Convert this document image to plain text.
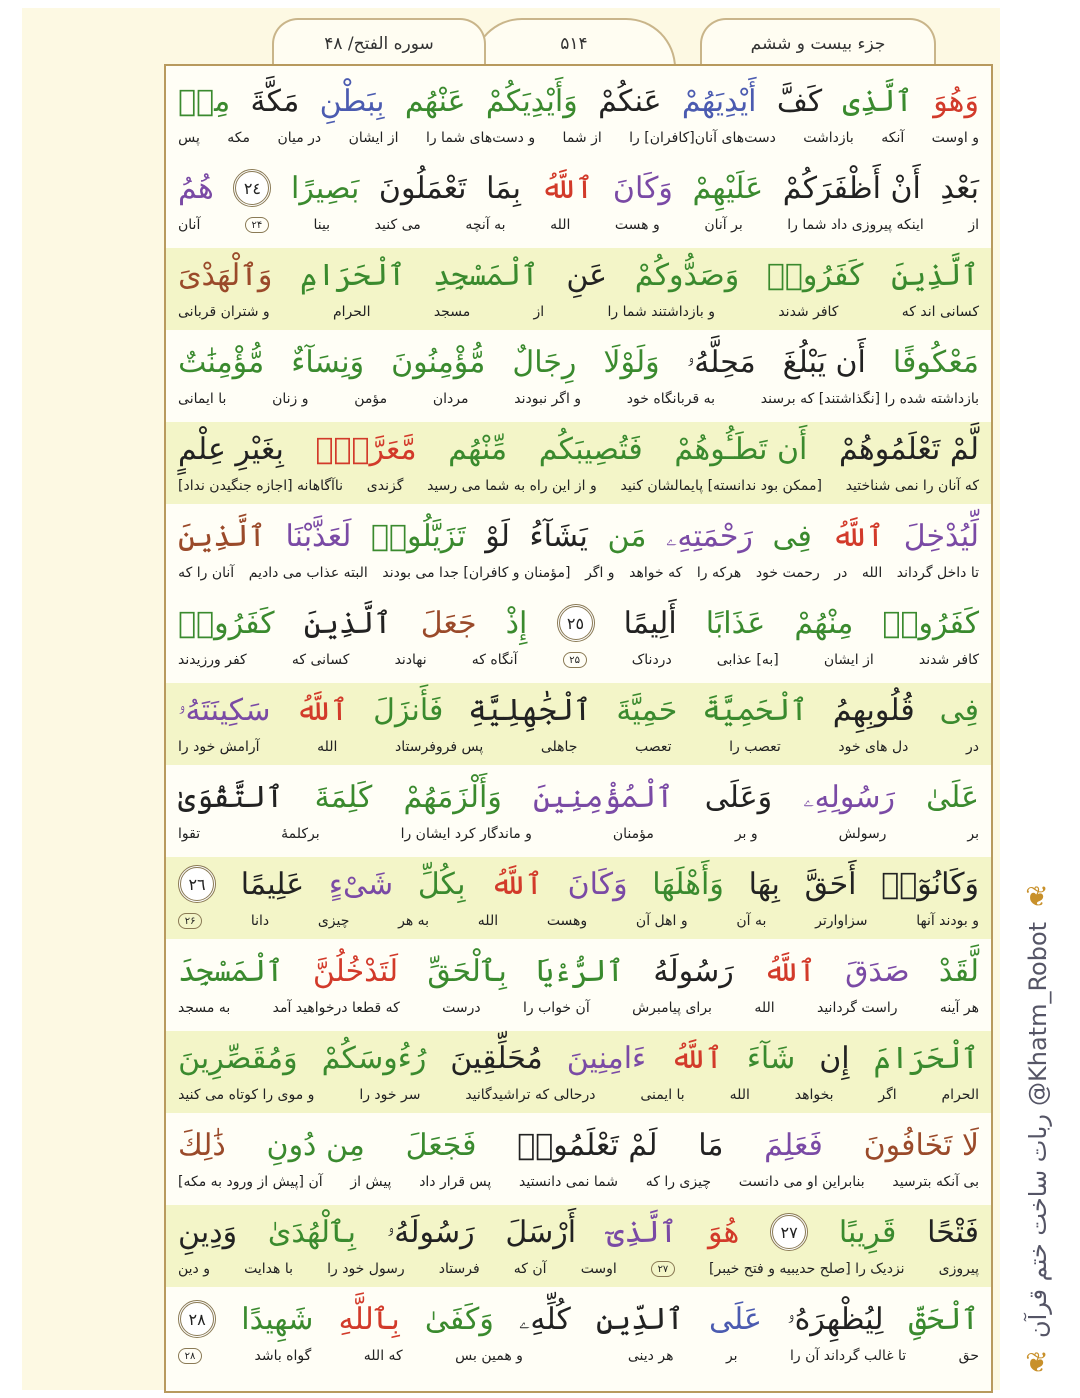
جزء بیست و ششم
۵۱۴
سوره الفتح/ ۴۸
وَهُوَ
ٱلَّذِى
كَفَّ
أَيْدِيَهُمْ
عَنكُمْ
وَأَيْدِيَكُمْ
عَنْهُم
بِبَطْنِ
مَكَّةَ
مِنۢ
و اوست
آنکه
بازداشت
دست‌های آنان[کافران] را
از شما
و دست‌های شما را
از ایشان
در میان
مکه
پس
بَعْدِ
أَنْ أَظْفَرَكُمْ
عَلَيْهِمْ
وَكَانَ
ٱللَّهُ
بِمَا
تَعْمَلُونَ
بَصِيرًا
٢٤
هُمُ
از
اینکه پیروزی داد شما را
بر آنان
و هست
الله
به آنچه
می کنید
بینا
۲۴
آنان
ٱلَّذِينَ
كَفَرُوا۟
وَصَدُّوكُمْ
عَنِ
ٱلْمَسْجِدِ
ٱلْحَرَامِ
وَٱلْهَدْىَ
کسانی اند که
کافر شدند
و بازداشتند شما را
از
مسجد
الحرام
و شتران قربانی
مَعْكُوفًا
أَن يَبْلُغَ
مَحِلَّهُۥ
وَلَوْلَا
رِجَالٌ
مُّؤْمِنُونَ
وَنِسَآءٌ
مُّؤْمِنَٰتٌ
بازداشته شده را [نگذاشتند] که برسند
به قربانگاه خود
و اگر نبودند
مردان
مؤمن
و زنان
با ایمانی
لَّمْ تَعْلَمُوهُمْ
أَن تَطَـُٔوهُمْ
فَتُصِيبَكُم
مِّنْهُم
مَّعَرَّةٌۢ
بِغَيْرِ عِلْمٍ
که آنان را نمی شناختید
[ممکن بود ندانسته] پایمالشان کنید
و از این راه به شما می رسید
گزندی
ناآگاهانه [اجازه جنگیدن نداد]
لِّيُدْخِلَ
ٱللَّهُ
فِى
رَحْمَتِهِۦ
مَن
يَشَآءُ
لَوْ
تَزَيَّلُوا۟
لَعَذَّبْنَا
ٱلَّذِينَ
تا داخل گرداند
الله
در
رحمت خود
هرکه را
که خواهد
و اگر
[مؤمنان و کافران] جدا می بودند
البته عذاب می دادیم
آنان را که
كَفَرُوا۟
مِنْهُمْ
عَذَابًا
أَلِيمًا
٢٥
إِذْ
جَعَلَ
ٱلَّذِينَ
كَفَرُوا۟
کافر شدند
از ایشان
[به] عذابی
دردناک
۲۵
آنگاه که
نهادند
کسانی که
کفر ورزیدند
فِى
قُلُوبِهِمُ
ٱلْحَمِيَّةَ
حَمِيَّةَ
ٱلْجَٰهِلِيَّةِ
فَأَنزَلَ
ٱللَّهُ
سَكِينَتَهُۥ
در
دل های خود
تعصب را
تعصب
جاهلی
پس فروفرستاد
الله
آرامش خود را
عَلَىٰ
رَسُولِهِۦ
وَعَلَى
ٱلْمُؤْمِنِينَ
وَأَلْزَمَهُمْ
كَلِمَةَ
ٱلتَّقْوَىٰ
بر
رسولش
و بر
مؤمنان
و ماندگار کرد ایشان را
برکلمهٔ
تقوا
وَكَانُوٓا۟
أَحَقَّ
بِهَا
وَأَهْلَهَا
وَكَانَ
ٱللَّهُ
بِكُلِّ
شَىْءٍ
عَلِيمًا
٢٦
و بودند آنها
سزاوارتر
به آن
و اهل آن
وهست
الله
به هر
چیزی
دانا
۲۶
لَّقَدْ
صَدَقَ
ٱللَّهُ
رَسُولَهُ
ٱلرُّءْيَا
بِٱلْحَقِّ
لَتَدْخُلُنَّ
ٱلْمَسْجِدَ
هر آینه
راست گردانید
الله
برای پیامبرش
آن خواب را
درست
که قطعا درخواهید آمد
به مسجد
ٱلْحَرَامَ
إِن
شَآءَ
ٱللَّهُ
ءَامِنِينَ
مُحَلِّقِينَ
رُءُوسَكُمْ
وَمُقَصِّرِينَ
الحرام
اگر
بخواهد
الله
با ایمنی
درحالی که تراشیدگانید
سر خود را
و موی را کوتاه می کنید
لَا تَخَافُونَ
فَعَلِمَ
مَا
لَمْ تَعْلَمُوا۟
فَجَعَلَ
مِن دُونِ
ذَٰلِكَ
بی آنکه بترسید
بنابراین او می دانست
چیزی را که
شما نمی دانستید
پس قرار داد
پیش از
آن [پیش از ورود به مکه]
فَتْحًا
قَرِيبًا
٢٧
هُوَ
ٱلَّذِىٓ
أَرْسَلَ
رَسُولَهُۥ
بِٱلْهُدَىٰ
وَدِينِ
پیروزی
نزدیک را [صلح حدیبیه و فتح خیبر]
۲۷
اوست
آن که
فرستاد
رسول خود را
با هدایت
و دین
ٱلْحَقِّ
لِيُظْهِرَهُۥ
عَلَى
ٱلدِّينِ
كُلِّهِۦ
وَكَفَىٰ
بِٱللَّهِ
شَهِيدًا
٢٨
حق
تا غالب گرداند آن را
بر
هر دینی
و همین بس
که الله
گواه باشد
۲۸
❦
ربات ساخت ختم قرآن
@Khatm_Robot
❦
